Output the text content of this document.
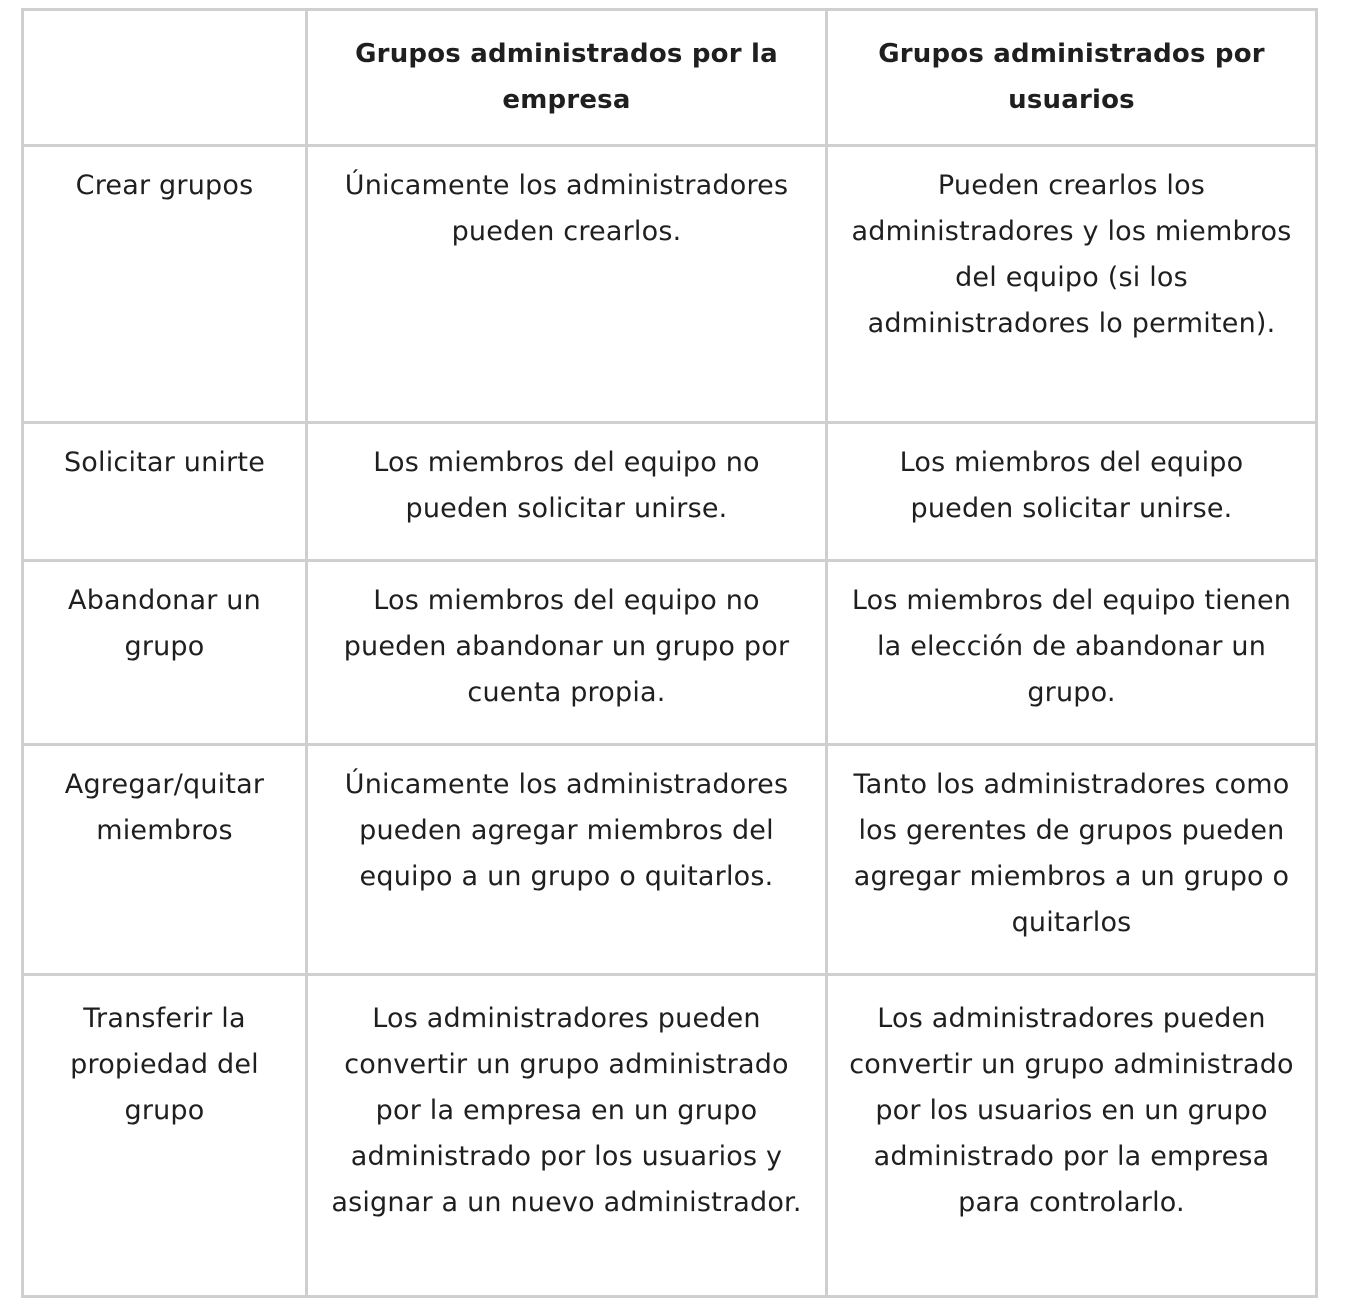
	Grupos administrados por la empresa	Grupos administrados por usuarios
Crear grupos	Únicamente los administradores pueden crearlos.	Pueden crearlos los administradores y los miembros del equipo (si los administradores lo permiten).
Solicitar unirte	Los miembros del equipo no pueden solicitar unirse.	Los miembros del equipo pueden solicitar unirse.
Abandonar un grupo	Los miembros del equipo no pueden abandonar un grupo por cuenta propia.	Los miembros del equipo tienen la elección de abandonar un grupo.
Agregar/quitar miembros	Únicamente los administradores pueden agregar miembros del equipo a un grupo o quitarlos.	Tanto los administradores como los gerentes de grupos pueden agregar miembros a un grupo o quitarlos
Transferir la propiedad del grupo	Los administradores pueden convertir un grupo administrado por la empresa en un grupo administrado por los usuarios y asignar a un nuevo administrador.	Los administradores pueden convertir un grupo administrado por los usuarios en un grupo administrado por la empresa para controlarlo.
